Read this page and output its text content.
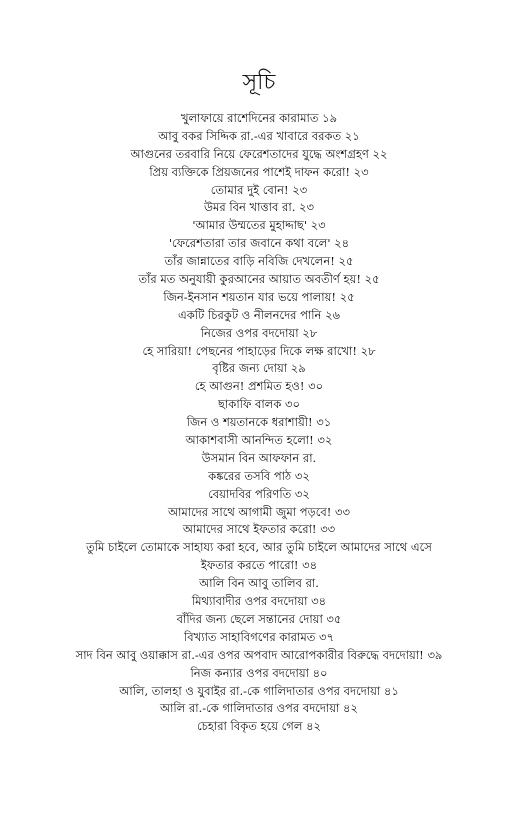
সূচি
খুলাফায়ে রাশেদিনের কারামাত ১৯
আবু বকর সিদ্দিক রা.-এর খাবারে বরকত ২১
আগুনের তরবারি নিয়ে ফেরেশতাদের যুদ্ধে অংশগ্রহণ ২২
প্রিয় ব্যক্তিকে প্রিয়জনের পাশেই দাফন করো! ২৩
তোমার দুই বোন! ২৩
উমর বিন খাত্তাব রা. ২৩
'আমার উম্মতের মুহাদ্দাছ' ২৩
'ফেরেশতারা তার জবানে কথা বলে' ২৪
তাঁর জান্নাতের বাড়ি নবিজি দেখলেন! ২৫
তাঁর মত অনুযায়ী কুরআনের আয়াত অবতীর্ণ হয়! ২৫
জিন-ইনসান শয়তান যার ভয়ে পালায়! ২৫
একটি চিরকুট ও নীলনদের পানি ২৬
নিজের ওপর বদদোয়া ২৮
হে সারিয়া! পেছনের পাহাড়ের দিকে লক্ষ রাখো! ২৮
বৃষ্টির জন্য দোয়া ২৯
হে আগুন! প্রশমিত হও! ৩০
ছাকাফি বালক ৩০
জিন ও শয়তানকে ধরাশায়ী! ৩১
আকাশবাসী আনন্দিত হলো! ৩২
উসমান বিন আফফান রা.
কঙ্করের তসবি পাঠ ৩২
বেয়াদবির পরিণতি ৩২
আমাদের সাথে আগামী জুমা পড়বে! ৩৩
আমাদের সাথে ইফতার করো! ৩৩
তুমি চাইলে তোমাকে সাহায্য করা হবে, আর তুমি চাইলে আমাদের সাথে এসে
ইফতার করতে পারো! ৩৪
আলি বিন আবু তালিব রা.
মিথ্যাবাদীর ওপর বদদোয়া ৩৪
বাঁদির জন্য ছেলে সন্তানের দোয়া ৩৫
বিখ্যাত সাহাবিগণের কারামত ৩৭
সাদ বিন আবু ওয়াক্কাস রা.-এর ওপর অপবাদ আরোপকারীর বিরুদ্ধে বদদোয়া! ৩৯
নিজ কন্যার ওপর বদদোয়া ৪০
আলি, তালহা ও যুবাইর রা.-কে গালিদাতার ওপর বদদোয়া ৪১
আলি রা.-কে গালিদাতার ওপর বদদোয়া ৪২
চেহারা বিকৃত হয়ে গেল ৪২
